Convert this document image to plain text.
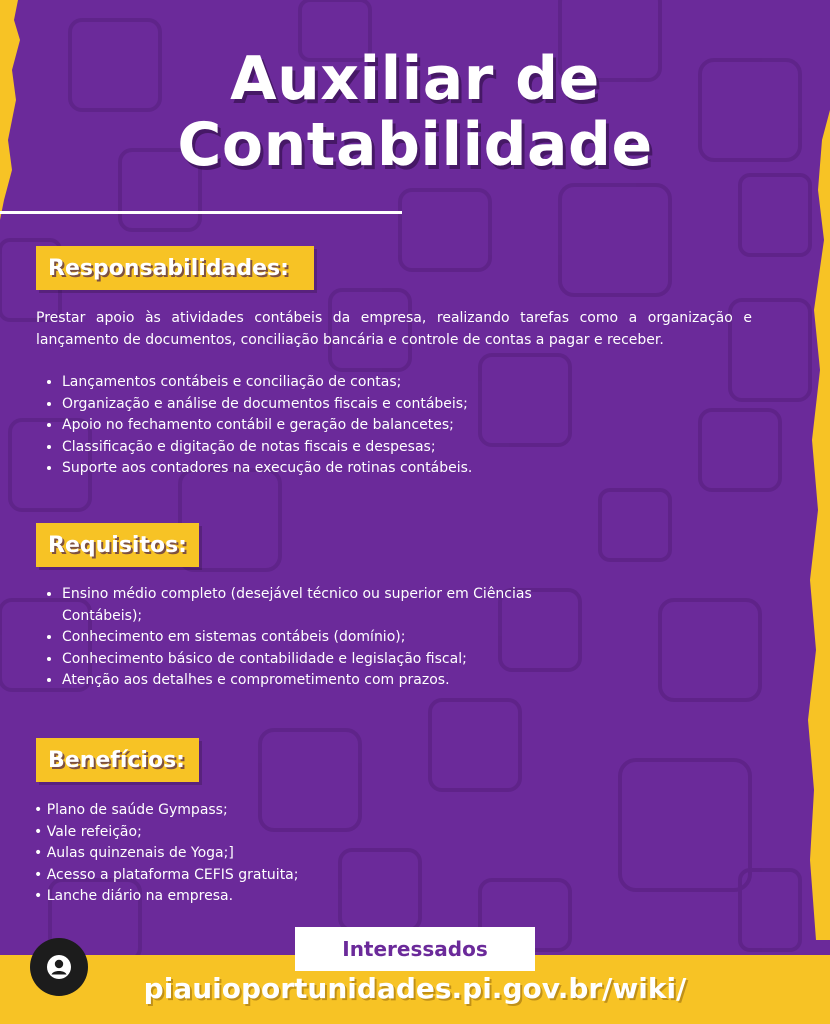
Auxiliar de
Contabilidade
Responsabilidades:

Prestar apoio às atividades contábeis da empresa, realizando tarefas como a organização e lançamento de documentos, conciliação bancária e controle de contas a pagar e receber.

• Lançamentos contábeis e conciliação de contas;
• Organização e análise de documentos fiscais e contábeis;
• Apoio no fechamento contábil e geração de balancetes;
• Classificação e digitação de notas fiscais e despesas;
• Suporte aos contadores na execução de rotinas contábeis.
Requisitos:
• Ensino médio completo (desejável técnico ou superior em Ciências Contábeis);
• Conhecimento em sistemas contábeis (domínio);
• Conhecimento básico de contabilidade e legislação fiscal;
• Atenção aos detalhes e comprometimento com prazos.
Benefícios:
• Plano de saúde Gympass;
• Vale refeição;
• Aulas quinzenais de Yoga;]
• Acesso a plataforma CEFIS gratuita;
• Lanche diário na empresa.
Interessados
piauioportunidades.pi.gov.br/wiki/
